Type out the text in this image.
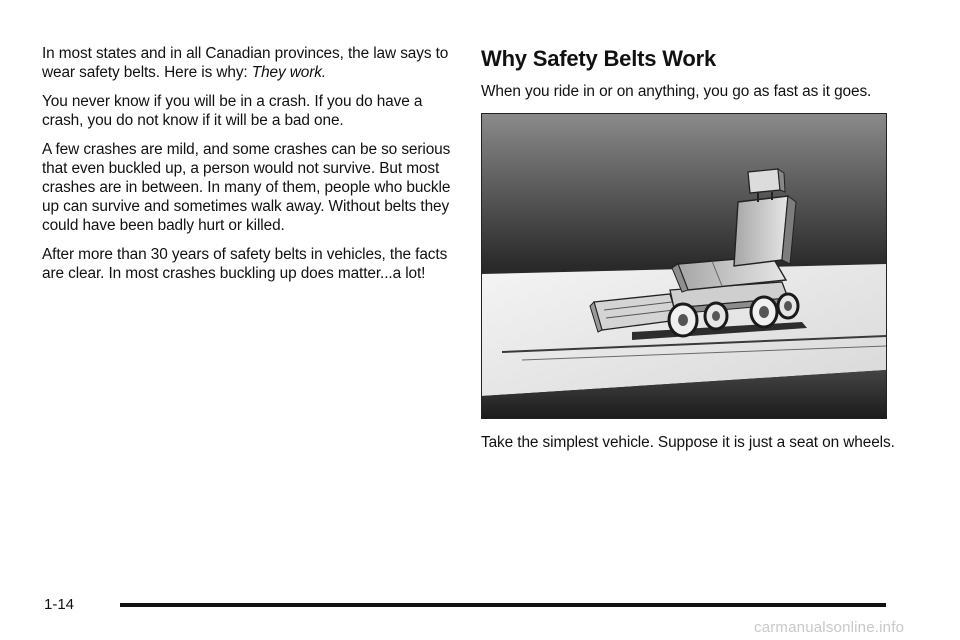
In most states and in all Canadian provinces, the law says to wear safety belts. Here is why: They work.

You never know if you will be in a crash. If you do have a crash, you do not know if it will be a bad one.

A few crashes are mild, and some crashes can be so serious that even buckled up, a person would not survive. But most crashes are in between. In many of them, people who buckle up can survive and sometimes walk away. Without belts they could have been badly hurt or killed.

After more than 30 years of safety belts in vehicles, the facts are clear. In most crashes buckling up does matter...a lot!

Why Safety Belts Work

When you ride in or on anything, you go as fast as it goes.

Take the simplest vehicle. Suppose it is just a seat on wheels.

1-14
carmanualsonline.info
